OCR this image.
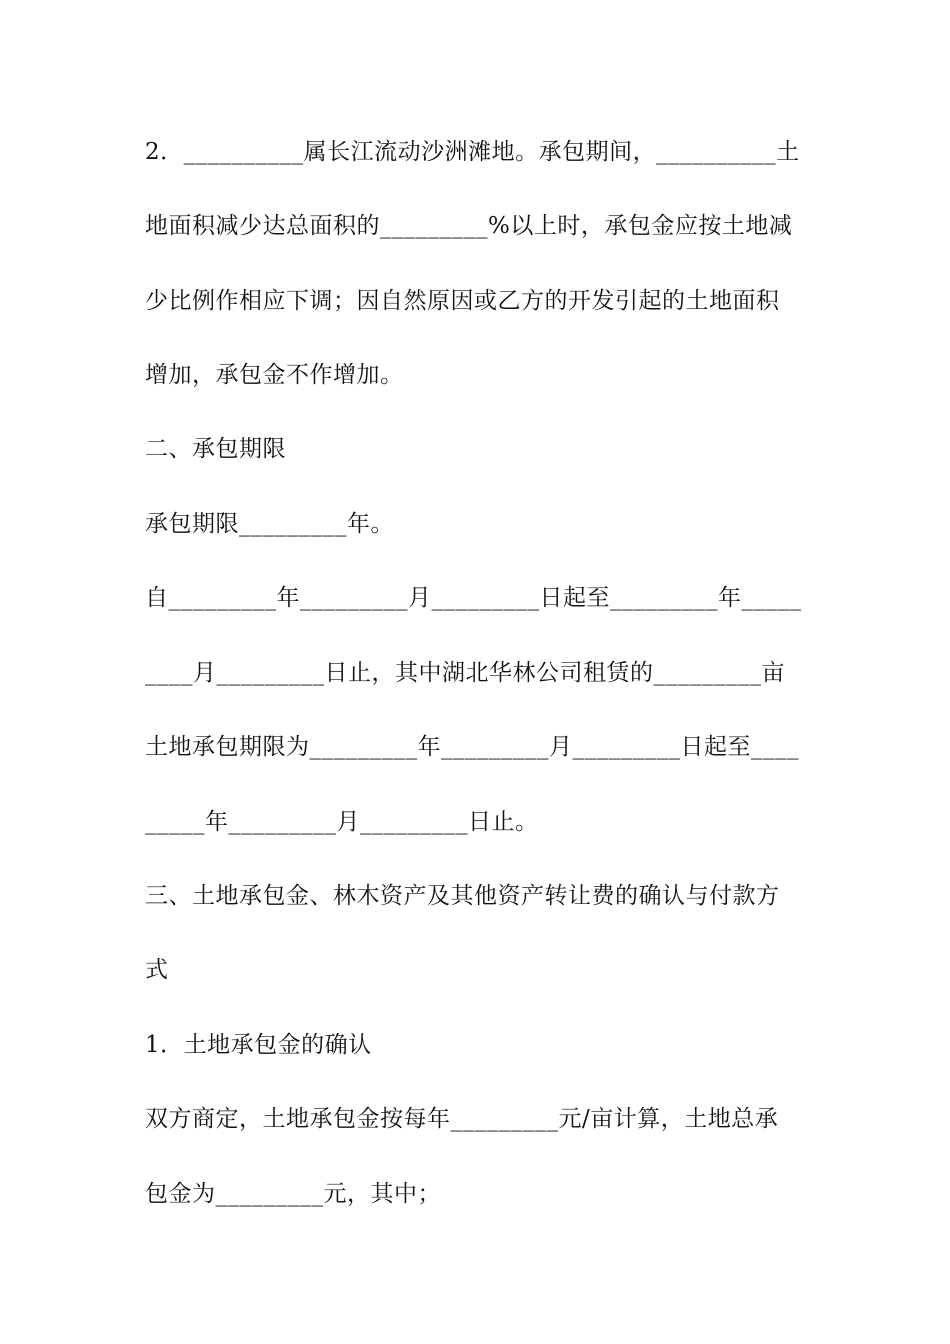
2．__________属长江流动沙洲滩地。承包期间，__________土

地面积减少达总面积的_________%以上时，承包金应按土地减

少比例作相应下调；因自然原因或乙方的开发引起的土地面积

增加，承包金不作增加。

二、承包期限

承包期限_________年。

自_________年_________月_________日起至_________年_____

____月_________日止，其中湖北华林公司租赁的_________亩

土地承包期限为_________年_________月_________日起至____

_____年_________月_________日止。

三、土地承包金、林木资产及其他资产转让费的确认与付款方

式

1．土地承包金的确认

双方商定，土地承包金按每年_________元/亩计算，土地总承

包金为_________元，其中；
